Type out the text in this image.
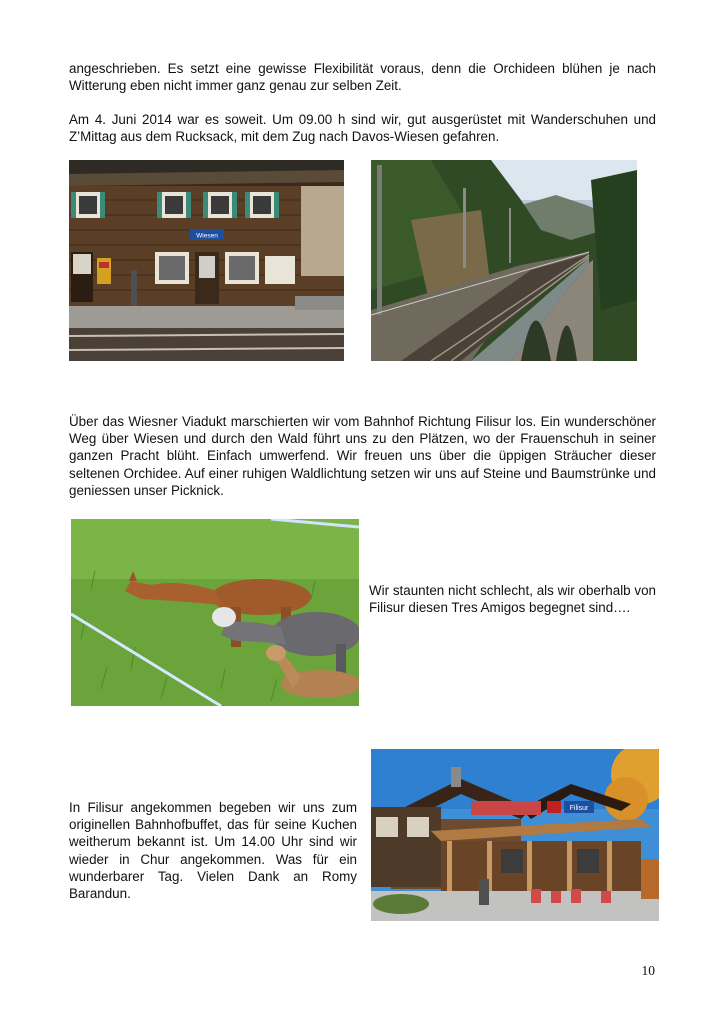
angeschrieben. Es setzt eine gewisse Flexibilität voraus, denn die Orchideen blühen je nach Witterung eben nicht immer ganz genau zur selben Zeit.

Am 4. Juni 2014 war es soweit. Um 09.00 h sind wir, gut ausgerüstet mit Wanderschuhen und Z’Mittag aus dem Rucksack, mit dem Zug nach Davos-Wiesen gefahren.

Wiesen

Über das Wiesner Viadukt marschierten wir vom Bahnhof Richtung Filisur los. Ein wunderschöner Weg über Wiesen und durch den Wald führt uns zu den Plätzen, wo der Frauenschuh in seiner ganzen Pracht blüht. Einfach umwerfend. Wir freuen uns über die üppigen Sträucher dieser seltenen Orchidee. Auf einer ruhigen Waldlichtung setzen wir uns auf Steine und Baumstrünke und geniessen unser Picknick.

Wir staunten nicht schlecht, als wir oberhalb von Filisur diesen Tres Amigos begegnet sind….

Filisur

In Filisur angekommen begeben wir uns zum originellen Bahnhofbuffet, das für seine Kuchen weitherum bekannt ist. Um 14.00 Uhr sind wir wieder in Chur angekommen. Was für ein wunderbarer Tag. Vielen Dank an Romy Barandun.

10
